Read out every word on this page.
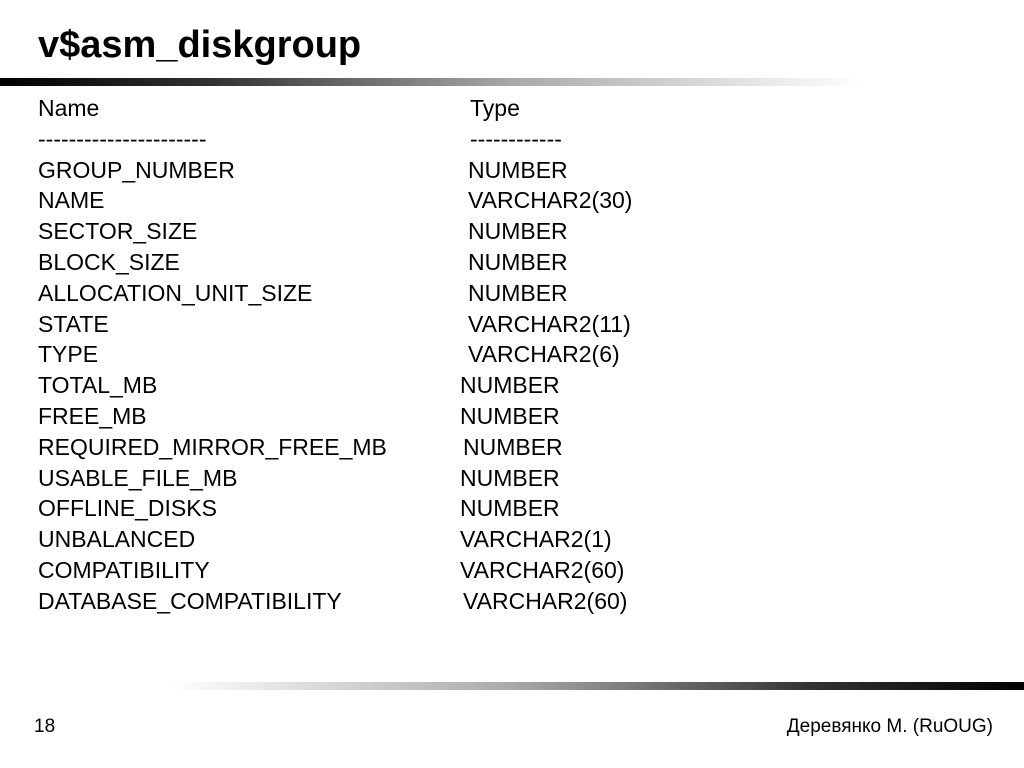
v$asm_diskgroup
Name	Type
----------------------	------------
GROUP_NUMBER	NUMBER
NAME	VARCHAR2(30)
SECTOR_SIZE	NUMBER
BLOCK_SIZE	NUMBER
ALLOCATION_UNIT_SIZE	NUMBER
STATE	VARCHAR2(11)
TYPE	VARCHAR2(6)
TOTAL_MB	NUMBER
FREE_MB	NUMBER
REQUIRED_MIRROR_FREE_MB	NUMBER
USABLE_FILE_MB	NUMBER
OFFLINE_DISKS	NUMBER
UNBALANCED	VARCHAR2(1)
COMPATIBILITY	VARCHAR2(60)
DATABASE_COMPATIBILITY	VARCHAR2(60)
18	Деревянко М. (RuOUG)
